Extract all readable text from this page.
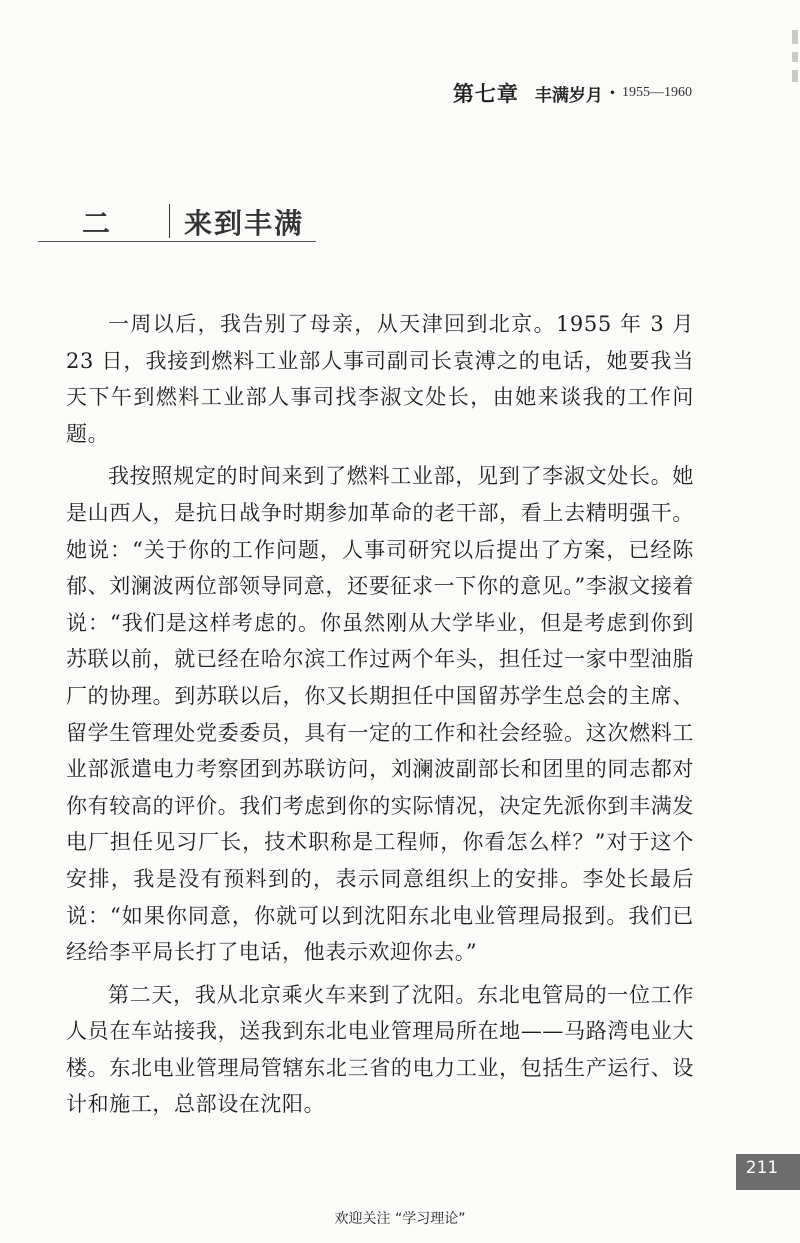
第七章 丰满岁月 • 1955—1960
二	来到丰满

一周以后，我告别了母亲，从天津回到北京。1955 年 3 月 23 日，我接到燃料工业部人事司副司长袁溥之的电话，她要我当天下午到燃料工业部人事司找李淑文处长，由她来谈我的工作问题。

我按照规定的时间来到了燃料工业部，见到了李淑文处长。她是山西人，是抗日战争时期参加革命的老干部，看上去精明强干。她说：“关于你的工作问题，人事司研究以后提出了方案，已经陈郁、刘澜波两位部领导同意，还要征求一下你的意见。”李淑文接着说：“我们是这样考虑的。你虽然刚从大学毕业，但是考虑到你到苏联以前，就已经在哈尔滨工作过两个年头，担任过一家中型油脂厂的协理。到苏联以后，你又长期担任中国留苏学生总会的主席、留学生管理处党委委员，具有一定的工作和社会经验。这次燃料工业部派遣电力考察团到苏联访问，刘澜波副部长和团里的同志都对你有较高的评价。我们考虑到你的实际情况，决定先派你到丰满发电厂担任见习厂长，技术职称是工程师，你看怎么样？”对于这个安排，我是没有预料到的，表示同意组织上的安排。李处长最后说：“如果你同意，你就可以到沈阳东北电业管理局报到。我们已经给李平局长打了电话，他表示欢迎你去。”

第二天，我从北京乘火车来到了沈阳。东北电管局的一位工作人员在车站接我，送我到东北电业管理局所在地——马路湾电业大楼。东北电业管理局管辖东北三省的电力工业，包括生产运行、设计和施工，总部设在沈阳。

211
欢迎关注 “学习理论”
